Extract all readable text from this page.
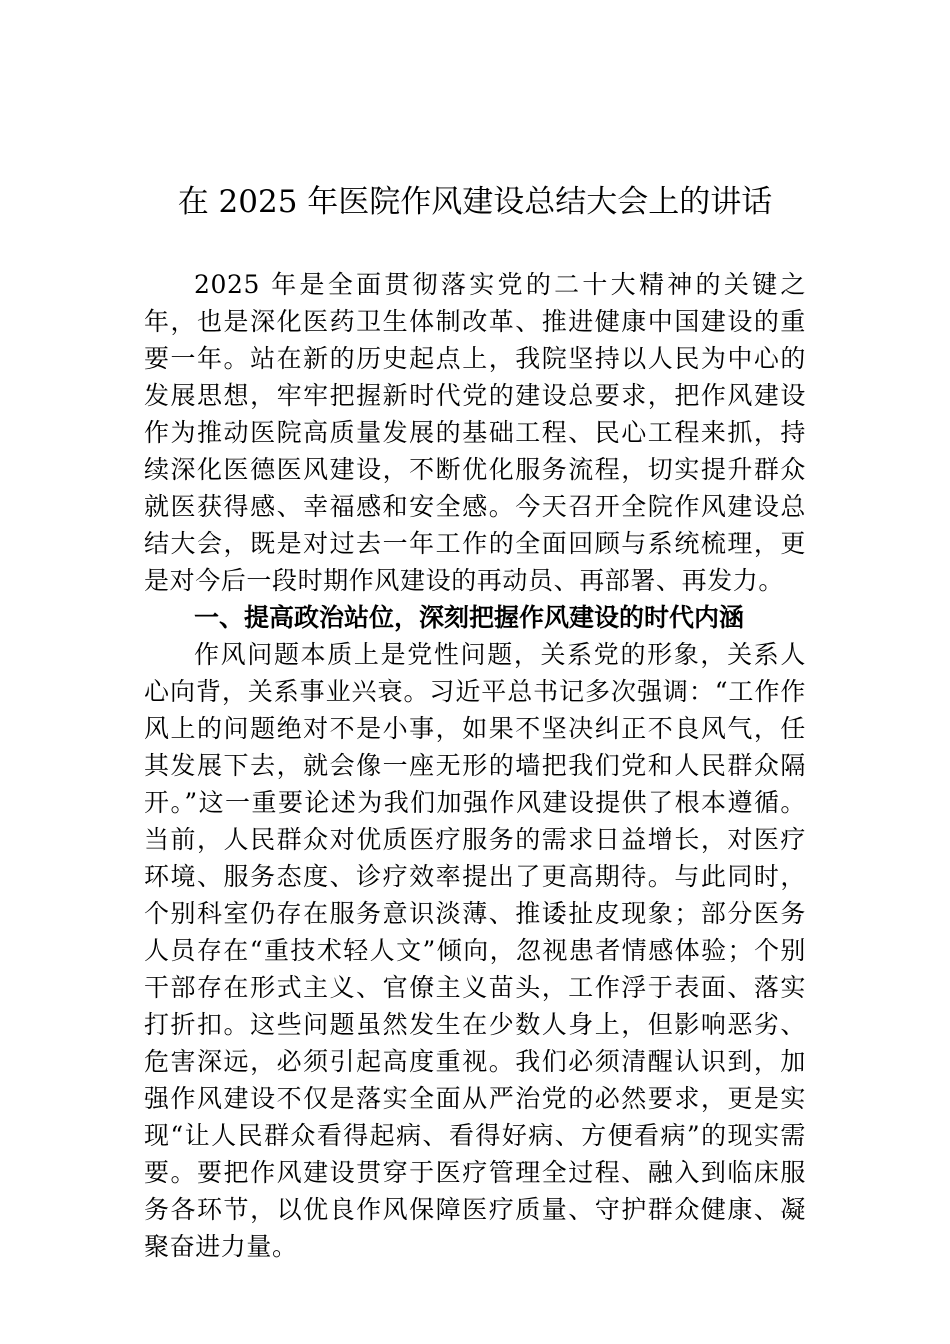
在 2025 年医院作风建设总结大会上的讲话

2025 年是全面贯彻落实党的二十大精神的关键之年，也是深化医药卫生体制改革、推进健康中国建设的重要一年。站在新的历史起点上，我院坚持以人民为中心的发展思想，牢牢把握新时代党的建设总要求，把作风建设作为推动医院高质量发展的基础工程、民心工程来抓，持续深化医德医风建设，不断优化服务流程，切实提升群众就医获得感、幸福感和安全感。今天召开全院作风建设总结大会，既是对过去一年工作的全面回顾与系统梳理，更是对今后一段时期作风建设的再动员、再部署、再发力。

一、提高政治站位，深刻把握作风建设的时代内涵

作风问题本质上是党性问题，关系党的形象，关系人心向背，关系事业兴衰。习近平总书记多次强调：“工作作风上的问题绝对不是小事，如果不坚决纠正不良风气，任其发展下去，就会像一座无形的墙把我们党和人民群众隔开。”这一重要论述为我们加强作风建设提供了根本遵循。当前，人民群众对优质医疗服务的需求日益增长，对医疗环境、服务态度、诊疗效率提出了更高期待。与此同时，个别科室仍存在服务意识淡薄、推诿扯皮现象；部分医务人员存在“重技术轻人文”倾向，忽视患者情感体验；个别干部存在形式主义、官僚主义苗头，工作浮于表面、落实打折扣。这些问题虽然发生在少数人身上，但影响恶劣、危害深远，必须引起高度重视。我们必须清醒认识到，加强作风建设不仅是落实全面从严治党的必然要求，更是实现“让人民群众看得起病、看得好病、方便看病”的现实需要。要把作风建设贯穿于医疗管理全过程、融入到临床服务各环节，以优良作风保障医疗质量、守护群众健康、凝聚奋进力量。
